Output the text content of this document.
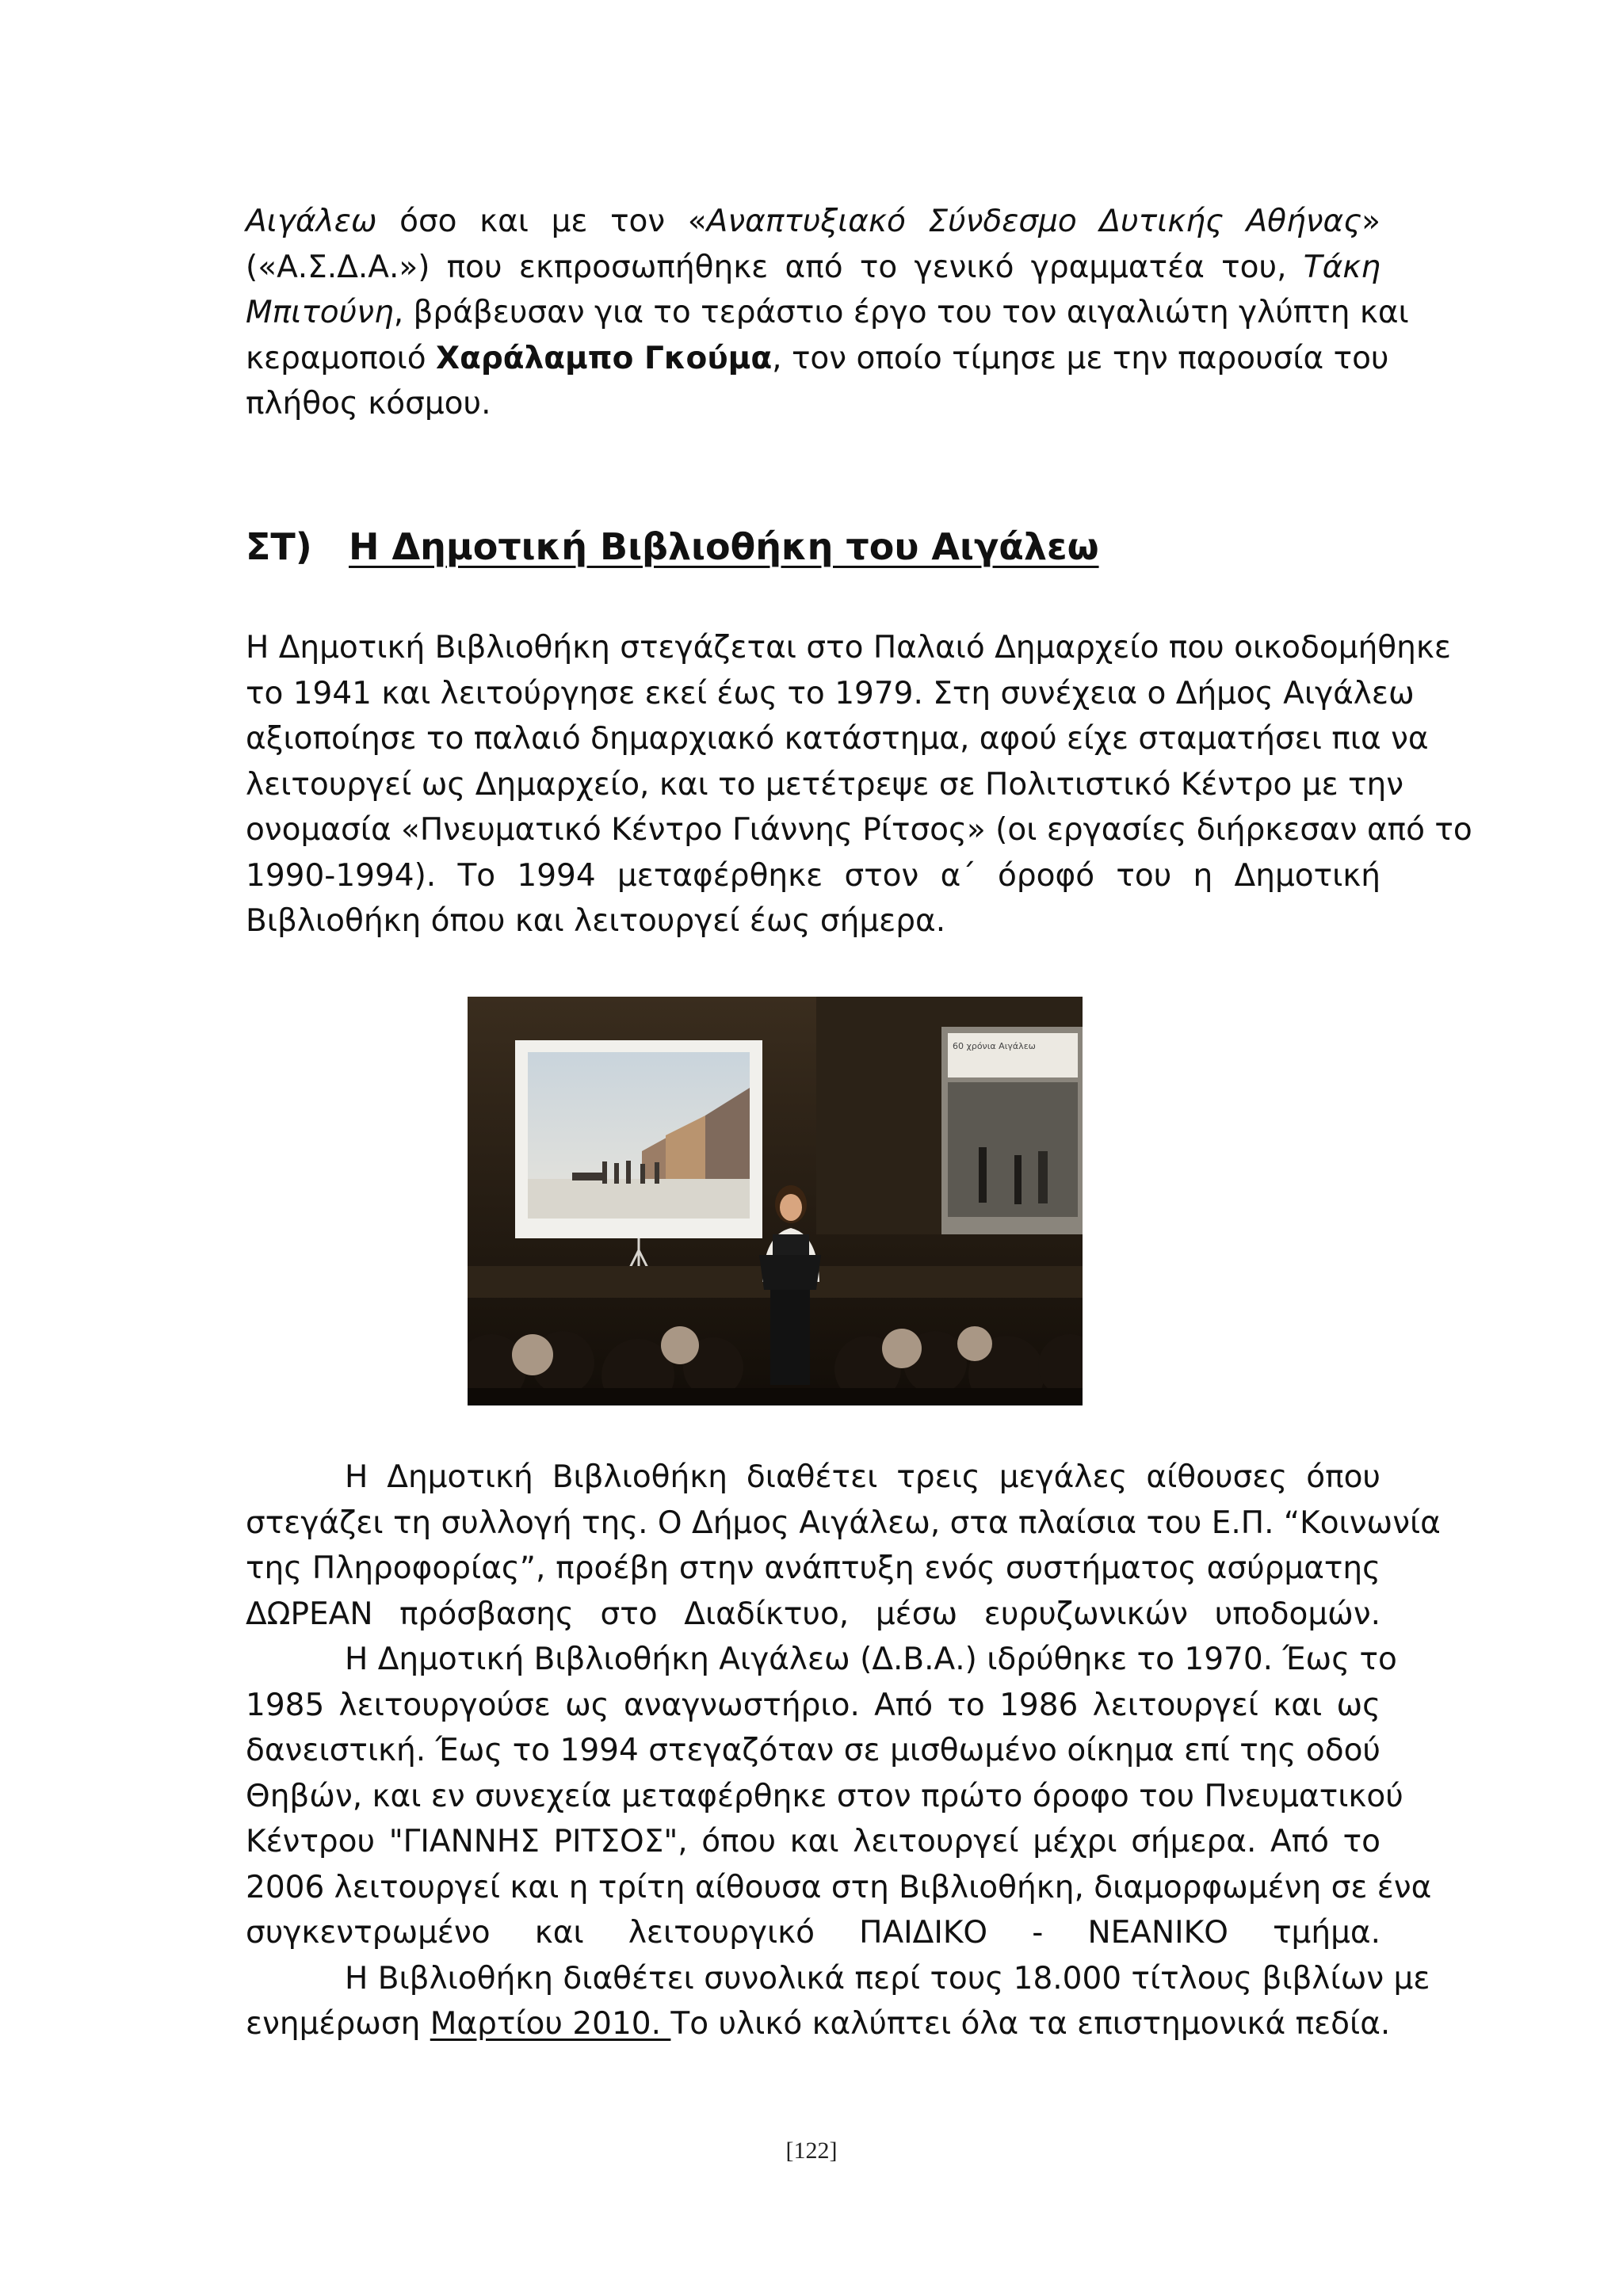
Αιγάλεω όσο και με τον «Αναπτυξιακό Σύνδεσμο Δυτικής Αθήνας»
(«Α.Σ.Δ.Α.») που εκπροσωπήθηκε από το γενικό γραμματέα του, Τάκη
Μπιτούνη, βράβευσαν για το τεράστιο έργο του τον αιγαλιώτη γλύπτη και
κεραμοποιό Χαράλαμπο Γκούμα, τον οποίο τίμησε με την παρουσία του
πλήθος κόσμου.
ΣΤ) Η Δημοτική Βιβλιοθήκη του Αιγάλεω
Η Δημοτική Βιβλιοθήκη στεγάζεται στο Παλαιό Δημαρχείο που οικοδομήθηκε
το 1941 και λειτούργησε εκεί έως το 1979. Στη συνέχεια ο Δήμος Αιγάλεω
αξιοποίησε το παλαιό δημαρχιακό κατάστημα, αφού είχε σταματήσει πια να
λειτουργεί ως Δημαρχείο, και το μετέτρεψε σε Πολιτιστικό Κέντρο με την
ονομασία «Πνευματικό Κέντρο Γιάννης Ρίτσος» (οι εργασίες διήρκεσαν από το
1990-1994). Το 1994 μεταφέρθηκε στον α΄ όροφό του η Δημοτική
Βιβλιοθήκη όπου και λειτουργεί έως σήμερα.
60 χρόνια Αιγάλεω
Η Δημοτική Βιβλιοθήκη διαθέτει τρεις μεγάλες αίθουσες όπου
στεγάζει τη συλλογή της. Ο Δήμος Αιγάλεω, στα πλαίσια του Ε.Π. “Κοινωνία
της Πληροφορίας”, προέβη στην ανάπτυξη ενός συστήματος ασύρματης
ΔΩΡΕΑΝ πρόσβασης στο Διαδίκτυο, μέσω ευρυζωνικών υποδομών.
Η Δημοτική Βιβλιοθήκη Αιγάλεω (Δ.Β.Α.) ιδρύθηκε το 1970. Έως το
1985 λειτουργούσε ως αναγνωστήριο. Από το 1986 λειτουργεί και ως
δανειστική. Έως το 1994 στεγαζόταν σε μισθωμένο οίκημα επί της οδού
Θηβών, και εν συνεχεία μεταφέρθηκε στον πρώτο όροφο του Πνευματικού
Κέντρου "ΓΙΑΝΝΗΣ ΡΙΤΣΟΣ", όπου και λειτουργεί μέχρι σήμερα. Από το
2006 λειτουργεί και η τρίτη αίθουσα στη Βιβλιοθήκη, διαμορφωμένη σε ένα
συγκεντρωμένο και λειτουργικό ΠΑΙΔΙΚΟ - ΝΕΑΝΙΚΟ τμήμα.
Η Βιβλιοθήκη διαθέτει συνολικά περί τους 18.000 τίτλους βιβλίων με
ενημέρωση Μαρτίου 2010. Το υλικό καλύπτει όλα τα επιστημονικά πεδία.
[122]
